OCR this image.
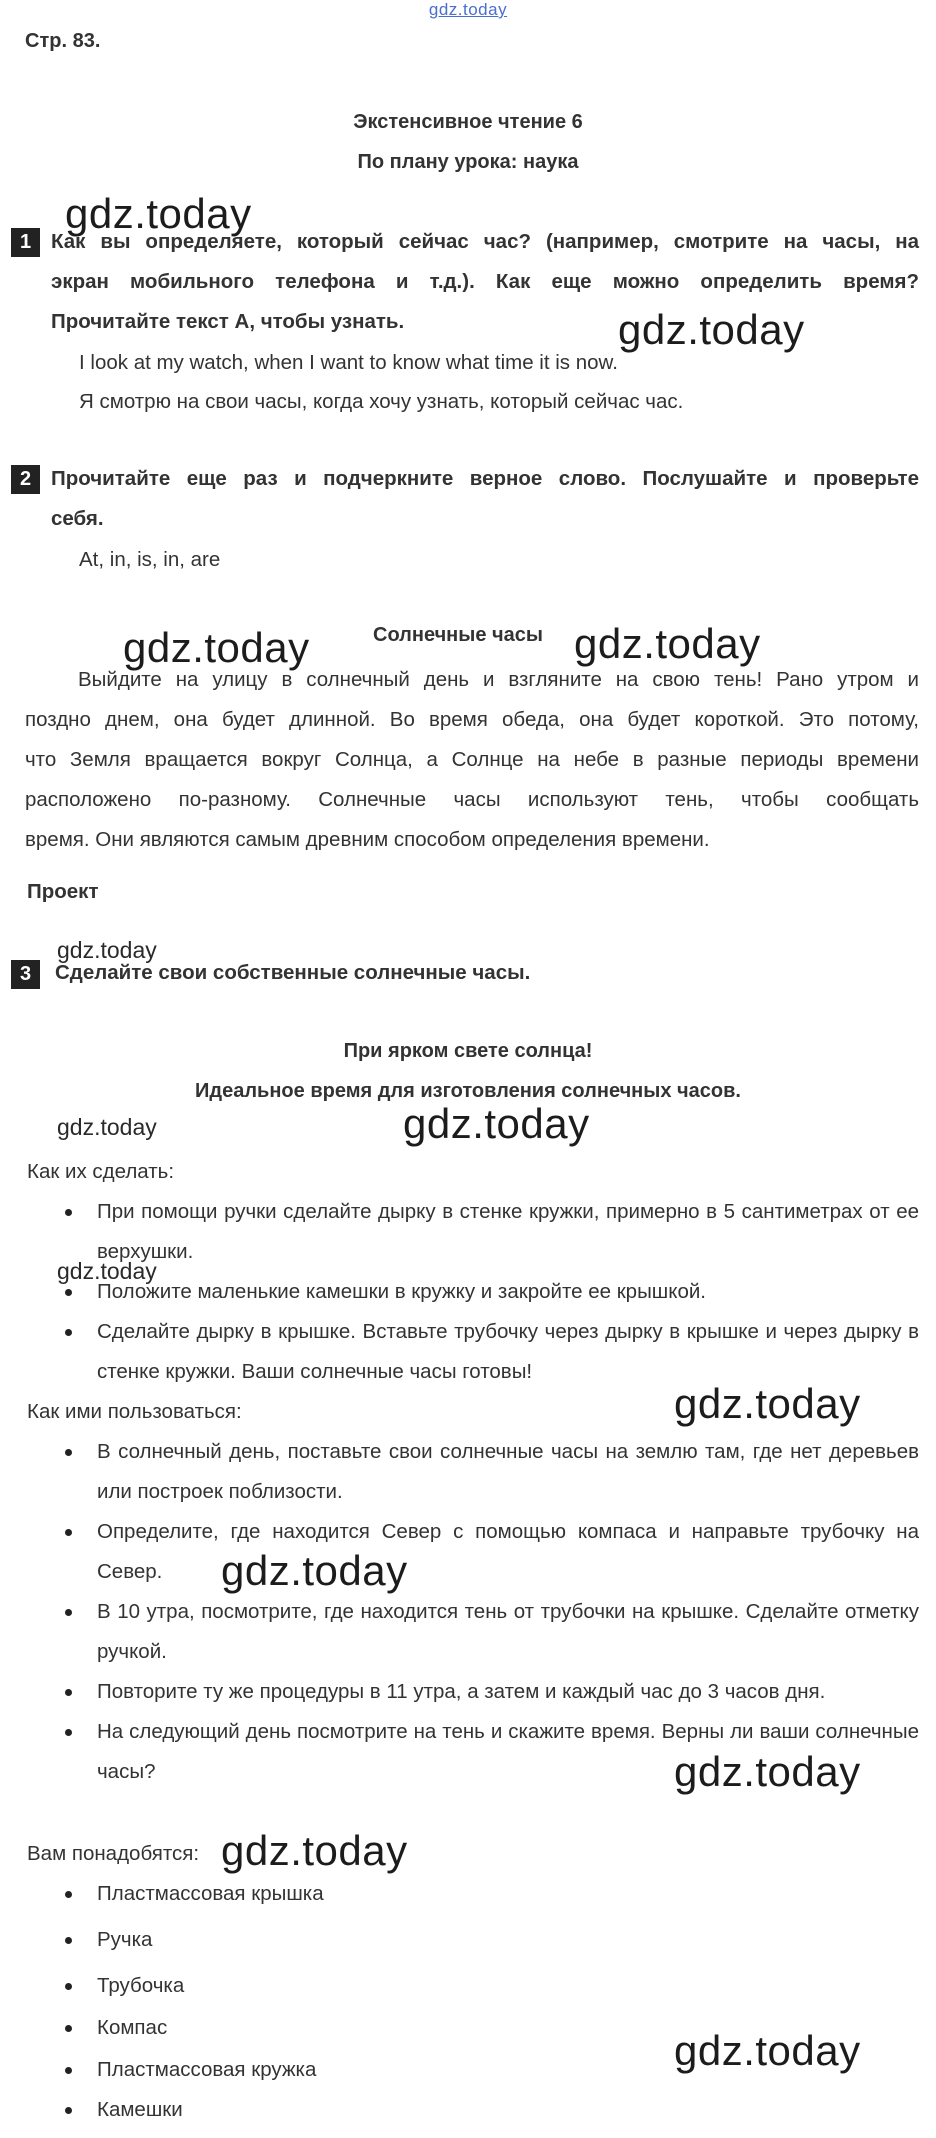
gdz.today
Стр. 83.
Экстенсивное чтение 6
По плану урока: наука
1 Как вы определяете, который сейчас час? (например, смотрите на часы, на
экран мобильного телефона и т.д.). Как еще можно определить время?
Прочитайте текст А, чтобы узнать.
I look at my watch, when I want to know what time it is now.
Я смотрю на свои часы, когда хочу узнать, который сейчас час.
2 Прочитайте еще раз и подчеркните верное слово. Послушайте и проверьте
себя.
At, in, is, in, are
Солнечные часы
Выйдите на улицу в солнечный день и взгляните на свою тень! Рано утром и
поздно днем, она будет длинной. Во время обеда, она будет короткой. Это потому,
что Земля вращается вокруг Солнца, а Солнце на небе в разные периоды времени
расположено по-разному. Солнечные часы используют тень, чтобы сообщать
время. Они являются самым древним способом определения времени.
Проект
3	Сделайте свои собственные солнечные часы.
При ярком свете солнца!
Идеальное время для изготовления солнечных часов.
Как их сделать:
При помощи ручки сделайте дырку в стенке кружки, примерно в 5 сантиметрах от ее верхушки.
Положите маленькие камешки в кружку и закройте ее крышкой.
Сделайте дырку в крышке. Вставьте трубочку через дырку в крышке и через дырку в стенке кружки. Ваши солнечные часы готовы!
Как ими пользоваться:
В солнечный день, поставьте свои солнечные часы на землю там, где нет деревьев или построек поблизости.
Определите, где находится Север с помощью компаса и направьте трубочку на Север.
В 10 утра, посмотрите, где находится тень от трубочки на крышке. Сделайте отметку ручкой.
Повторите ту же процедуры в 11 утра, а затем и каждый час до 3 часов дня.
На следующий день посмотрите на тень и скажите время. Верны ли ваши солнечные часы?
Вам понадобятся:
Пластмассовая крышка
Ручка
Трубочка
Компас
Пластмассовая кружка
Камешки
gdz.today
gdz.today
gdz.today	gdz.today
gdz.today
gdz.today	gdz.today
gdz.today
gdz.today
gdz.today
gdz.today
gdz.today
gdz.today
